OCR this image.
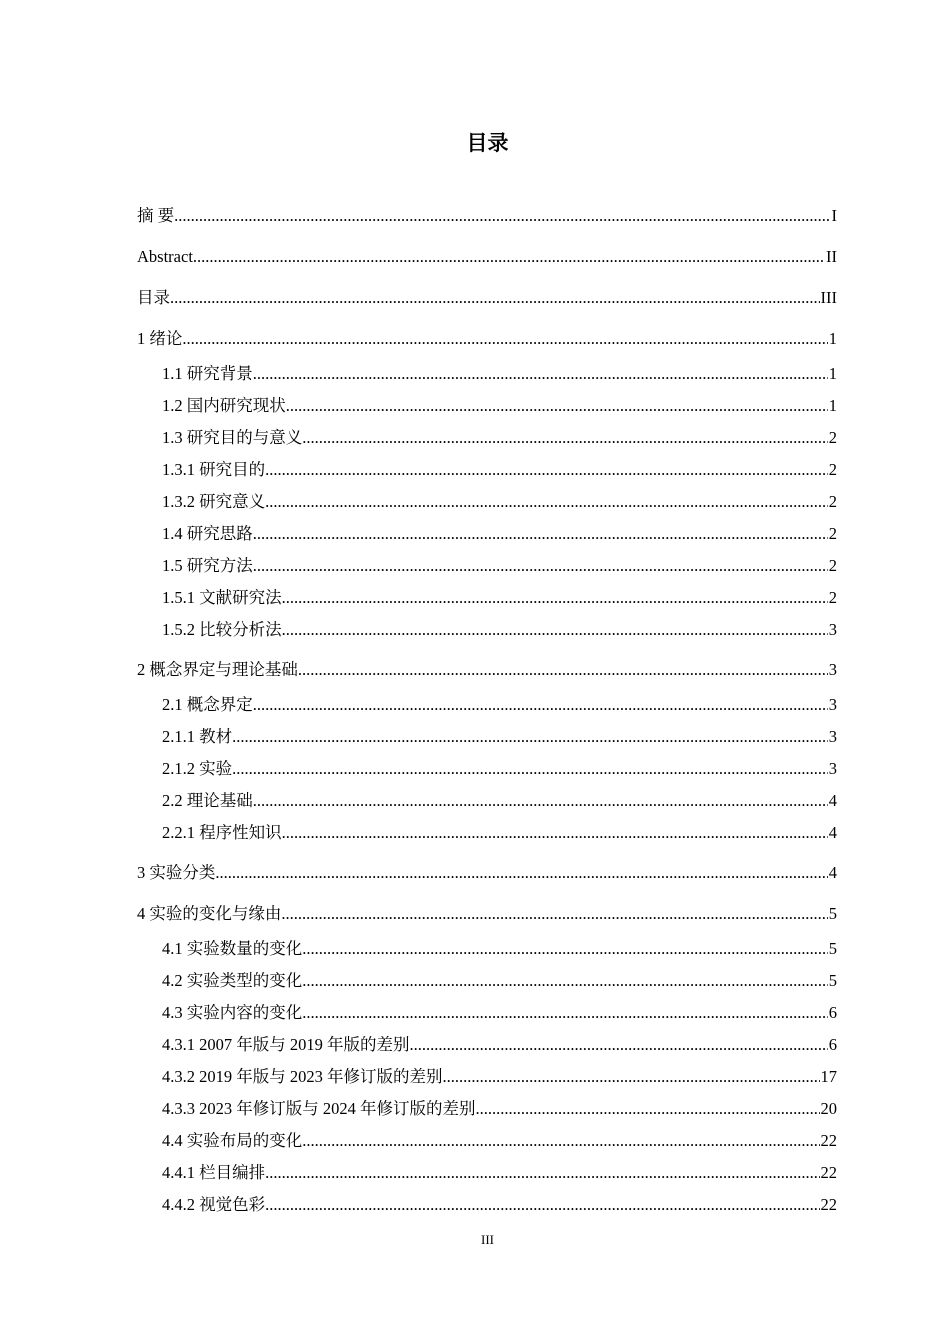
目录
摘 要 .....	I
Abstract .....	II
目录 .....	III
1 绪论 .....	1
1.1 研究背景 .....	1
1.2 国内研究现状 .....	1
1.3 研究目的与意义 .....	2
1.3.1 研究目的 .....	2
1.3.2 研究意义 .....	2
1.4 研究思路 .....	2
1.5 研究方法 .....	2
1.5.1 文献研究法 .....	2
1.5.2 比较分析法 .....	3
2 概念界定与理论基础 .....	3
2.1 概念界定 .....	3
2.1.1 教材 .....	3
2.1.2 实验 .....	3
2.2 理论基础 .....	4
2.2.1 程序性知识 .....	4
3 实验分类 .....	4
4 实验的变化与缘由 .....	5
4.1 实验数量的变化 .....	5
4.2 实验类型的变化 .....	5
4.3 实验内容的变化 .....	6
4.3.1 2007 年版与 2019 年版的差别 .....	6
4.3.2 2019 年版与 2023 年修订版的差别 .....	17
4.3.3 2023 年修订版与 2024 年修订版的差别 .....	20
4.4 实验布局的变化 .....	22
4.4.1 栏目编排 .....	22
4.4.2 视觉色彩 .....	22
III
